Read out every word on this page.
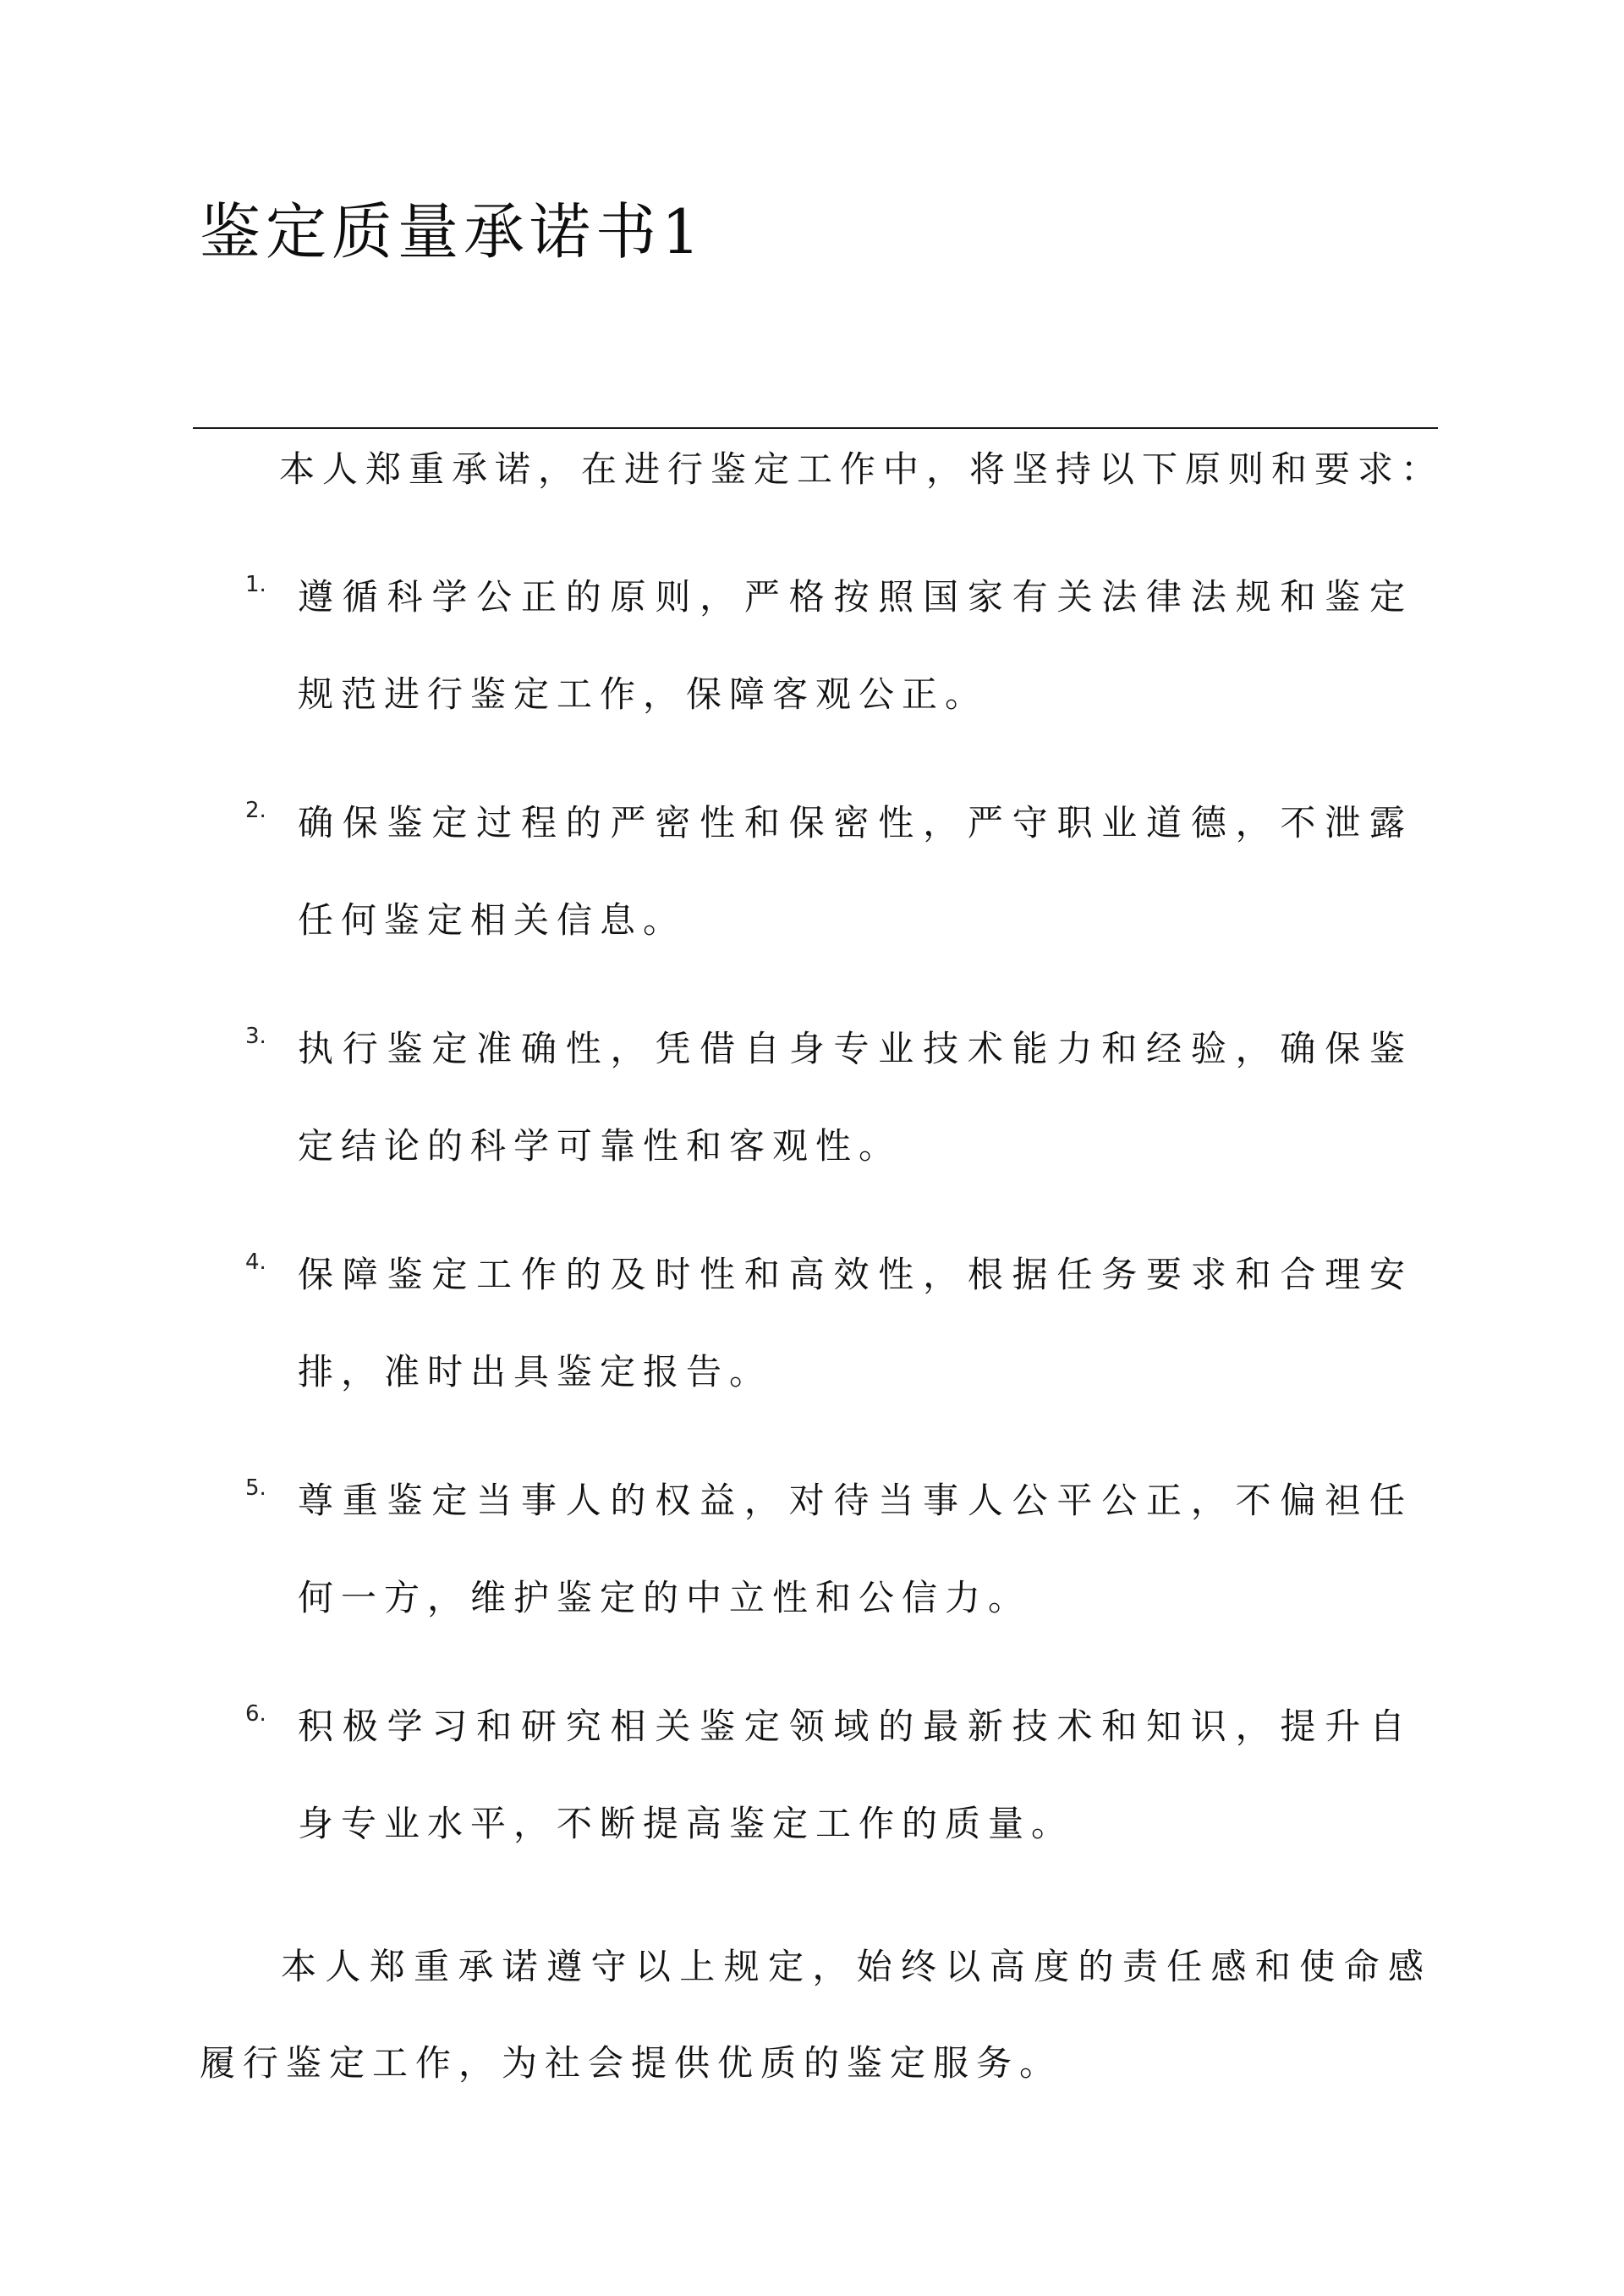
鉴定质量承诺书1

本人郑重承诺，在进行鉴定工作中，将坚持以下原则和要求：

1. 遵循科学公正的原则，严格按照国家有关法律法规和鉴定规范进行鉴定工作，保障客观公正。
2. 确保鉴定过程的严密性和保密性，严守职业道德，不泄露任何鉴定相关信息。
3. 执行鉴定准确性，凭借自身专业技术能力和经验，确保鉴定结论的科学可靠性和客观性。
4. 保障鉴定工作的及时性和高效性，根据任务要求和合理安排，准时出具鉴定报告。
5. 尊重鉴定当事人的权益，对待当事人公平公正，不偏袒任何一方，维护鉴定的中立性和公信力。
6. 积极学习和研究相关鉴定领域的最新技术和知识，提升自身专业水平，不断提高鉴定工作的质量。

本人郑重承诺遵守以上规定，始终以高度的责任感和使命感履行鉴定工作，为社会提供优质的鉴定服务。
